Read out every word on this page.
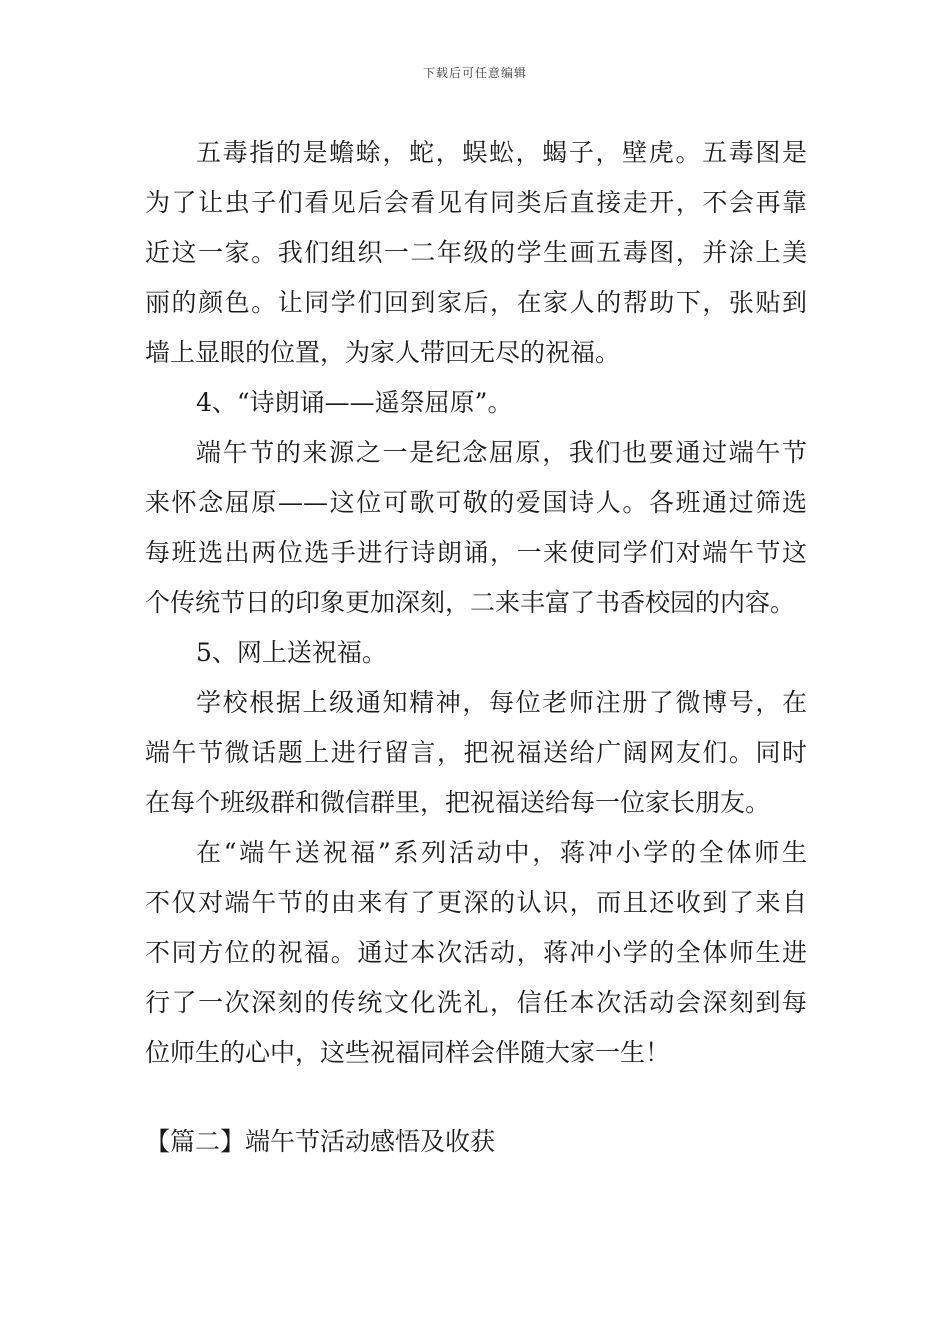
下载后可任意编辑
五毒指的是蟾蜍，蛇，蜈蚣，蝎子，壁虎。五毒图是
为了让虫子们看见后会看见有同类后直接走开，不会再靠
近这一家。我们组织一二年级的学生画五毒图，并涂上美
丽的颜色。让同学们回到家后，在家人的帮助下，张贴到
墙上显眼的位置，为家人带回无尽的祝福。
4、“诗朗诵——遥祭屈原”。
端午节的来源之一是纪念屈原，我们也要通过端午节
来怀念屈原——这位可歌可敬的爱国诗人。各班通过筛选
每班选出两位选手进行诗朗诵，一来使同学们对端午节这
个传统节日的印象更加深刻，二来丰富了书香校园的内容。
5、网上送祝福。
学校根据上级通知精神，每位老师注册了微博号，在
端午节微话题上进行留言，把祝福送给广阔网友们。同时
在每个班级群和微信群里，把祝福送给每一位家长朋友。
在“端午送祝福”系列活动中，蒋冲小学的全体师生
不仅对端午节的由来有了更深的认识，而且还收到了来自
不同方位的祝福。通过本次活动，蒋冲小学的全体师生进
行了一次深刻的传统文化洗礼，信任本次活动会深刻到每
位师生的心中，这些祝福同样会伴随大家一生！
【篇二】端午节活动感悟及收获
